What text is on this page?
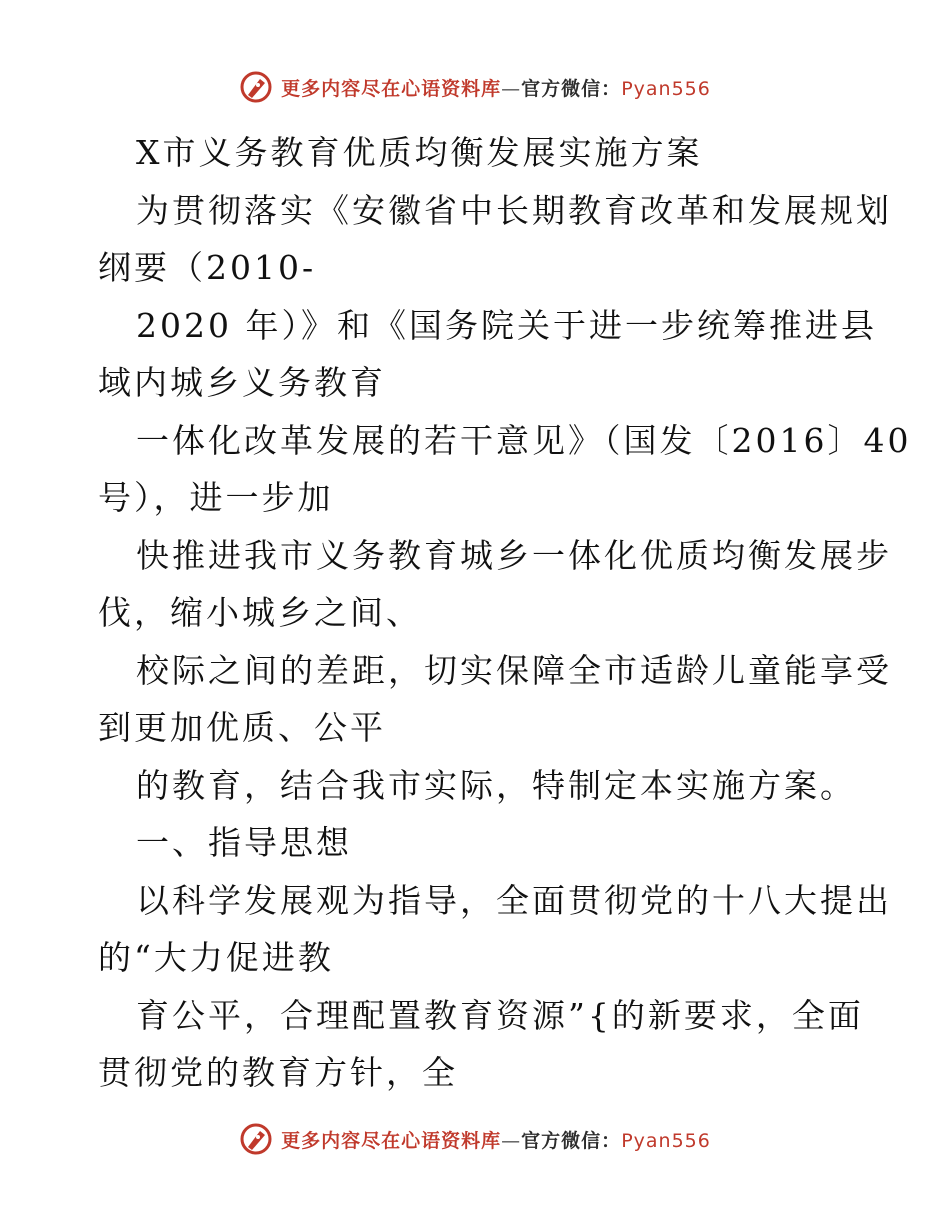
更多内容尽在心语资料库—官方微信：Pyan556
X市义务教育优质均衡发展实施方案
为贯彻落实《安徽省中长期教育改革和发展规划
纲要（2010-
2020 年）》和《国务院关于进一步统筹推进县
域内城乡义务教育
一体化改革发展的若干意见》（国发〔2016〕40
号），进一步加
快推进我市义务教育城乡一体化优质均衡发展步
伐，缩小城乡之间、
校际之间的差距，切实保障全市适龄儿童能享受
到更加优质、公平
的教育，结合我市实际，特制定本实施方案。
一、指导思想
以科学发展观为指导，全面贯彻党的十八大提出
的“大力促进教
育公平，合理配置教育资源”{的新要求，全面
贯彻党的教育方针，全
更多内容尽在心语资料库—官方微信：Pyan556
